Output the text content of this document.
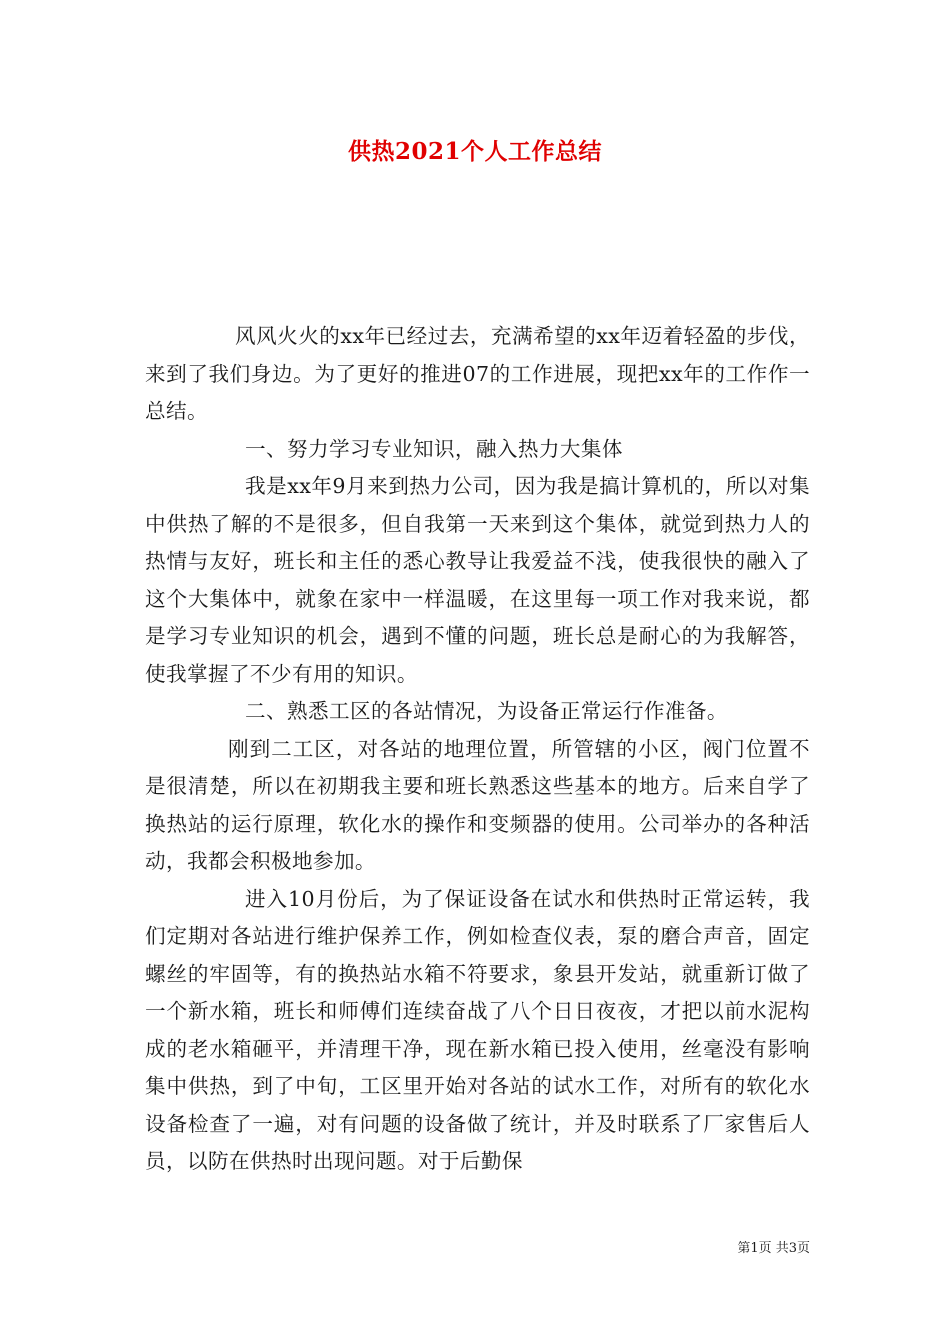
供热2021个人工作总结

风风火火的xx年已经过去，充满希望的xx年迈着轻盈的步伐，来到了我们身边。为了更好的推进07的工作进展，现把xx年的工作作一总结。

一、努力学习专业知识，融入热力大集体

我是xx年9月来到热力公司，因为我是搞计算机的，所以对集中供热了解的不是很多，但自我第一天来到这个集体，就觉到热力人的热情与友好，班长和主任的悉心教导让我爱益不浅，使我很快的融入了这个大集体中，就象在家中一样温暖，在这里每一项工作对我来说，都是学习专业知识的机会，遇到不懂的问题，班长总是耐心的为我解答，使我掌握了不少有用的知识。

二、熟悉工区的各站情况，为设备正常运行作准备。

刚到二工区，对各站的地理位置，所管辖的小区，阀门位置不是很清楚，所以在初期我主要和班长熟悉这些基本的地方。后来自学了换热站的运行原理，软化水的操作和变频器的使用。公司举办的各种活动，我都会积极地参加。

进入10月份后，为了保证设备在试水和供热时正常运转，我们定期对各站进行维护保养工作，例如检查仪表，泵的磨合声音，固定螺丝的牢固等，有的换热站水箱不符要求，象县开发站，就重新订做了一个新水箱，班长和师傅们连续奋战了八个日日夜夜，才把以前水泥构成的老水箱砸平，并清理干净，现在新水箱已投入使用，丝毫没有影响集中供热，到了中旬，工区里开始对各站的试水工作，对所有的软化水设备检查了一遍，对有问题的设备做了统计，并及时联系了厂家售后人员，以防在供热时出现问题。对于后勤保

第1页 共3页
